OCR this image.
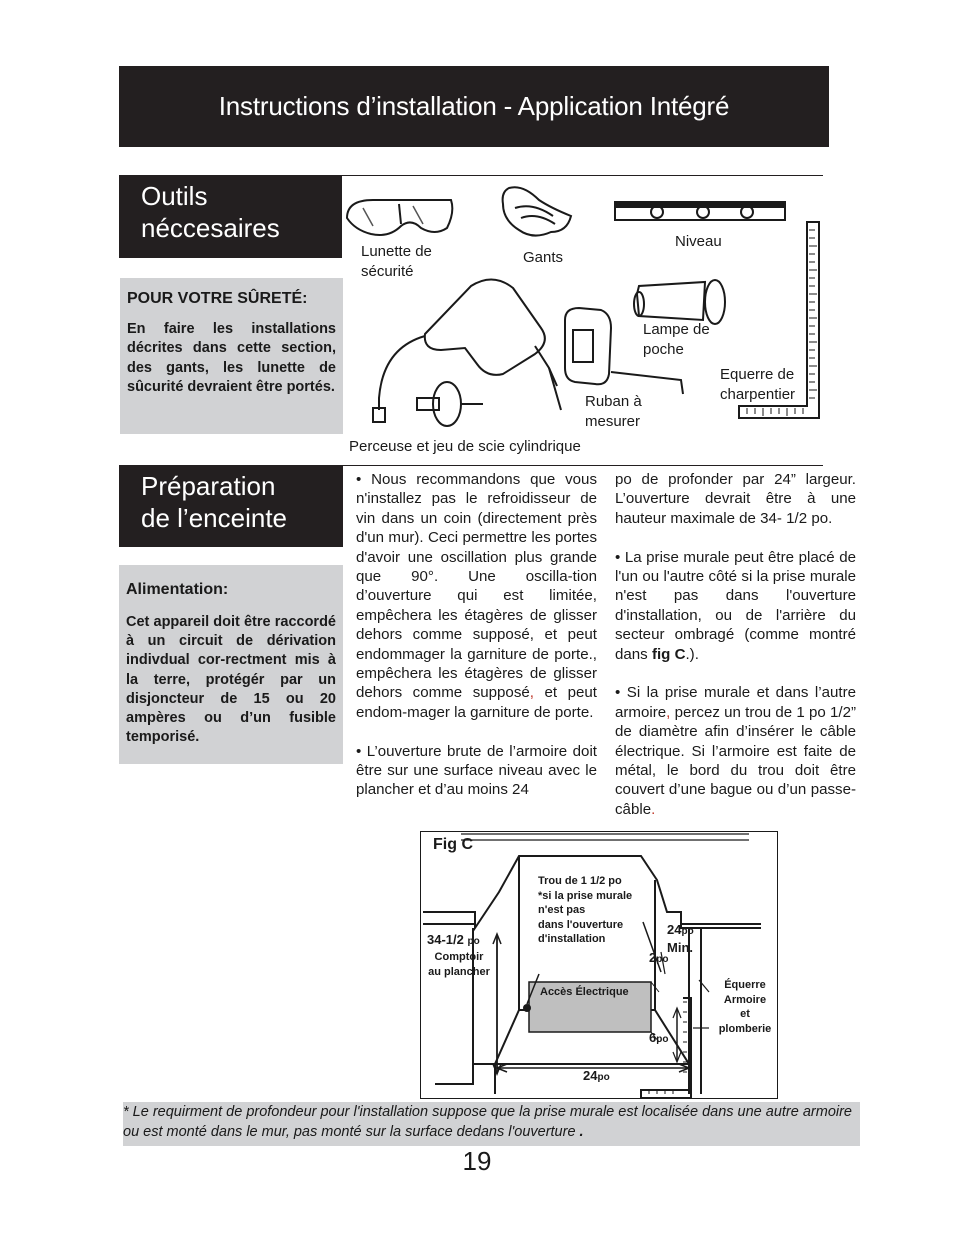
Instructions d’installation - Application Intégré
Outils
néccesaires
POUR VOTRE SÛRETÉ:
En faire les installations décrites dans cette section, des gants, les lunette de sûcurité devraient être portés.
Lunette de
sécurité
Gants
Niveau
Lampe de
poche
Equerre de
charpentier
Ruban à
mesurer
Perceuse et jeu de scie cylindrique
Préparation
de l’enceinte
Alimentation:
Cet appareil doit être raccordé à un circuit de dérivation indivdual cor-rectment mis à la terre, protégér par un disjoncteur de 15 ou 20 ampères ou d’un fusible temporisé.

• Nous recommandons que vous n'installez pas le refroidisseur de vin dans un coin (directement près d'un mur). Ceci permettre les portes d'avoir une oscillation plus grande que 90°. Une oscilla-tion d’ouverture qui est limitée, empêchera les étagères de glisser dehors comme supposé, et peut endommager la garniture de porte., empêchera les étagères de glisser dehors comme supposé, et peut endom-mager la garniture de porte.

• L’ouverture brute de l’armoire doit être sur une surface niveau avec le plancher et d’au moins 24

po de profonder par 24” largeur. L’ouverture devrait être à une hauteur maximale de 34- 1/2 po.

• La prise murale peut être placé de l'un ou l'autre côté si la prise murale n'est pas dans l'ouverture d'installation, ou de l'arrière du secteur ombragé (comme montré dans fig C.).

• Si la prise murale et dans l’autre armoire, percez un trou de 1 po 1/2” de diamètre afin d’insérer le câble électrique. Si l’armoire est faite de métal, le bord du trou doit être couvert d’une bague ou d’un passe-câble.

Fig C
Trou de 1 1/2 po
*si la prise murale
n'est pas
dans l'ouverture
d'installation
34-1/2 po
Comptoir
au plancher
24po
Min.
2po
Accès Électrique
Équerre
Armoire
et
plomberie
6po
24po
* Le requirment de profondeur pour l'installation suppose que la prise murale est localisée dans une autre armoire ou est monté dans le mur, pas monté sur la surface dedans l'ouverture .
19
